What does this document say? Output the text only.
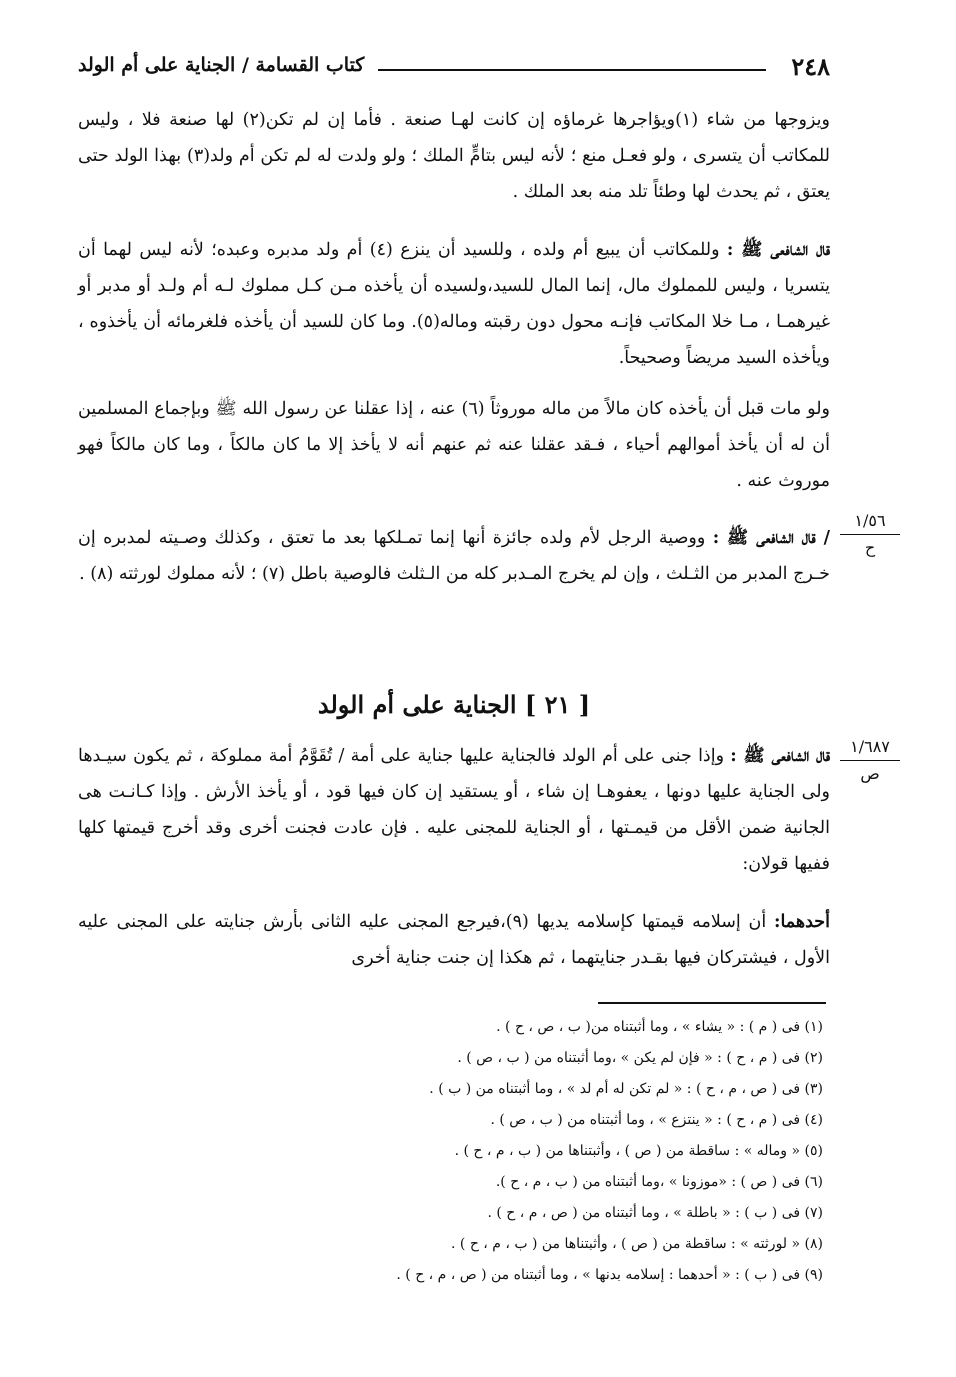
٢٤٨
كتاب القسامة / الجناية على أم الولد
ويزوجها من شاء (١)ويؤاجرها غرماؤه إن كانت لهـا صنعة . فأما إن لم تكن(٢) لها صنعة فلا ، وليس للمكاتب أن يتسرى ، ولو فعـل منع ؛ لأنه ليس بتامٍّ الملك ؛ ولو ولدت له لم تكن أم ولد(٣) بهذا الولد حتى يعتق ، ثم يحدث لها وطئاً تلد منه بعد الملك .
قال الشافعى ﷺ : وللمكاتب أن يبيع أم ولده ، وللسيد أن ينزع (٤) أم ولد مدبره وعبده؛ لأنه ليس لهما أن يتسريا ، وليس للمملوك مال، إنما المال للسيد،ولسيده أن يأخذه مـن كـل مملوك لـه أم ولـد أو مدبر أو غيرهمـا ، مـا خلا المكاتب فإنـه محول دون رقبته وماله(٥). وما كان للسيد أن يأخذه فلغرمائه أن يأخذوه ، ويأخذه السيد مريضاً وصحيحاً.
ولو مات قبل أن يأخذه كان مالاً من ماله موروثاً (٦) عنه ، إذا عقلنا عن رسول الله ﷺ وبإجماع المسلمين أن له أن يأخذ أموالهم أحياء ، فـقد عقلنا عنه ثم عنهم أنه لا يأخذ إلا ما كان مالكاً ، وما كان مالكاً فهو موروث عنه .
/ قال الشافعى ﷺ : ووصية الرجل لأم ولده جائزة أنها إنما تمـلكها بعد ما تعتق ، وكذلك وصـيته لمدبره إن خـرج المدبر من الثـلث ، وإن لم يخرج المـدبر كله من الـثلث فالوصية باطل (٧) ؛ لأنه مملوك لورثته (٨) .
١/٥٦
ح
[ ٢١ ] الجناية على أم الولد
قال الشافعى ﷺ : وإذا جنى على أم الولد فالجناية عليها جناية على أمة / تُقَوَّمُ أمة مملوكة ، ثم يكون سيـدها ولى الجناية عليها دونها ، يعفوهـا إن شاء ، أو يستقيد إن كان فيها قود ، أو يأخذ الأرش . وإذا كـانـت هى الجانية ضمن الأقل من قيمـتها ، أو الجناية للمجنى عليه . فإن عادت فجنت أخرى وقد أخرج قيمتها كلها ففيها قولان:
١/٦٨٧
ص
أحدهما: أن إسلامه قيمتها كإسلامه يديها (٩)،فيرجع المجنى عليه الثانى بأرش جنايته على المجنى عليه الأول ، فيشتركان فيها بقـدر جنايتهما ، ثم هكذا إن جنت جناية أخرى
(١) فى ( م ) : « يشاء » ، وما أثبتناه من( ب ، ص ، ح ) .
(٢) فى ( م ، ح ) : « فإن لم يكن » ،وما أثبتناه من ( ب ، ص ) .
(٣) فى ( ص ، م ، ح ) : « لم تكن له أم لد » ، وما أثبتناه من ( ب ) .
(٤) فى ( م ، ح ) : « ينتزع » ، وما أثبتناه من ( ب ، ص ) .
(٥) « وماله » : ساقطة من ( ص ) ، وأثبتناها من ( ب ، م ، ح ) .
(٦) فى ( ص ) : «موزونا » ،وما أثبتناه من ( ب ، م ، ح ).
(٧) فى ( ب ) : « باطلة » ، وما أثبتناه من ( ص ، م ، ح ) .
(٨) « لورثته » : ساقطة من ( ص ) ، وأثبتناها من ( ب ، م ، ح ) .
(٩) فى ( ب ) : « أحدهما : إسلامه بدنها » ، وما أثبتناه من ( ص ، م ، ح ) .
